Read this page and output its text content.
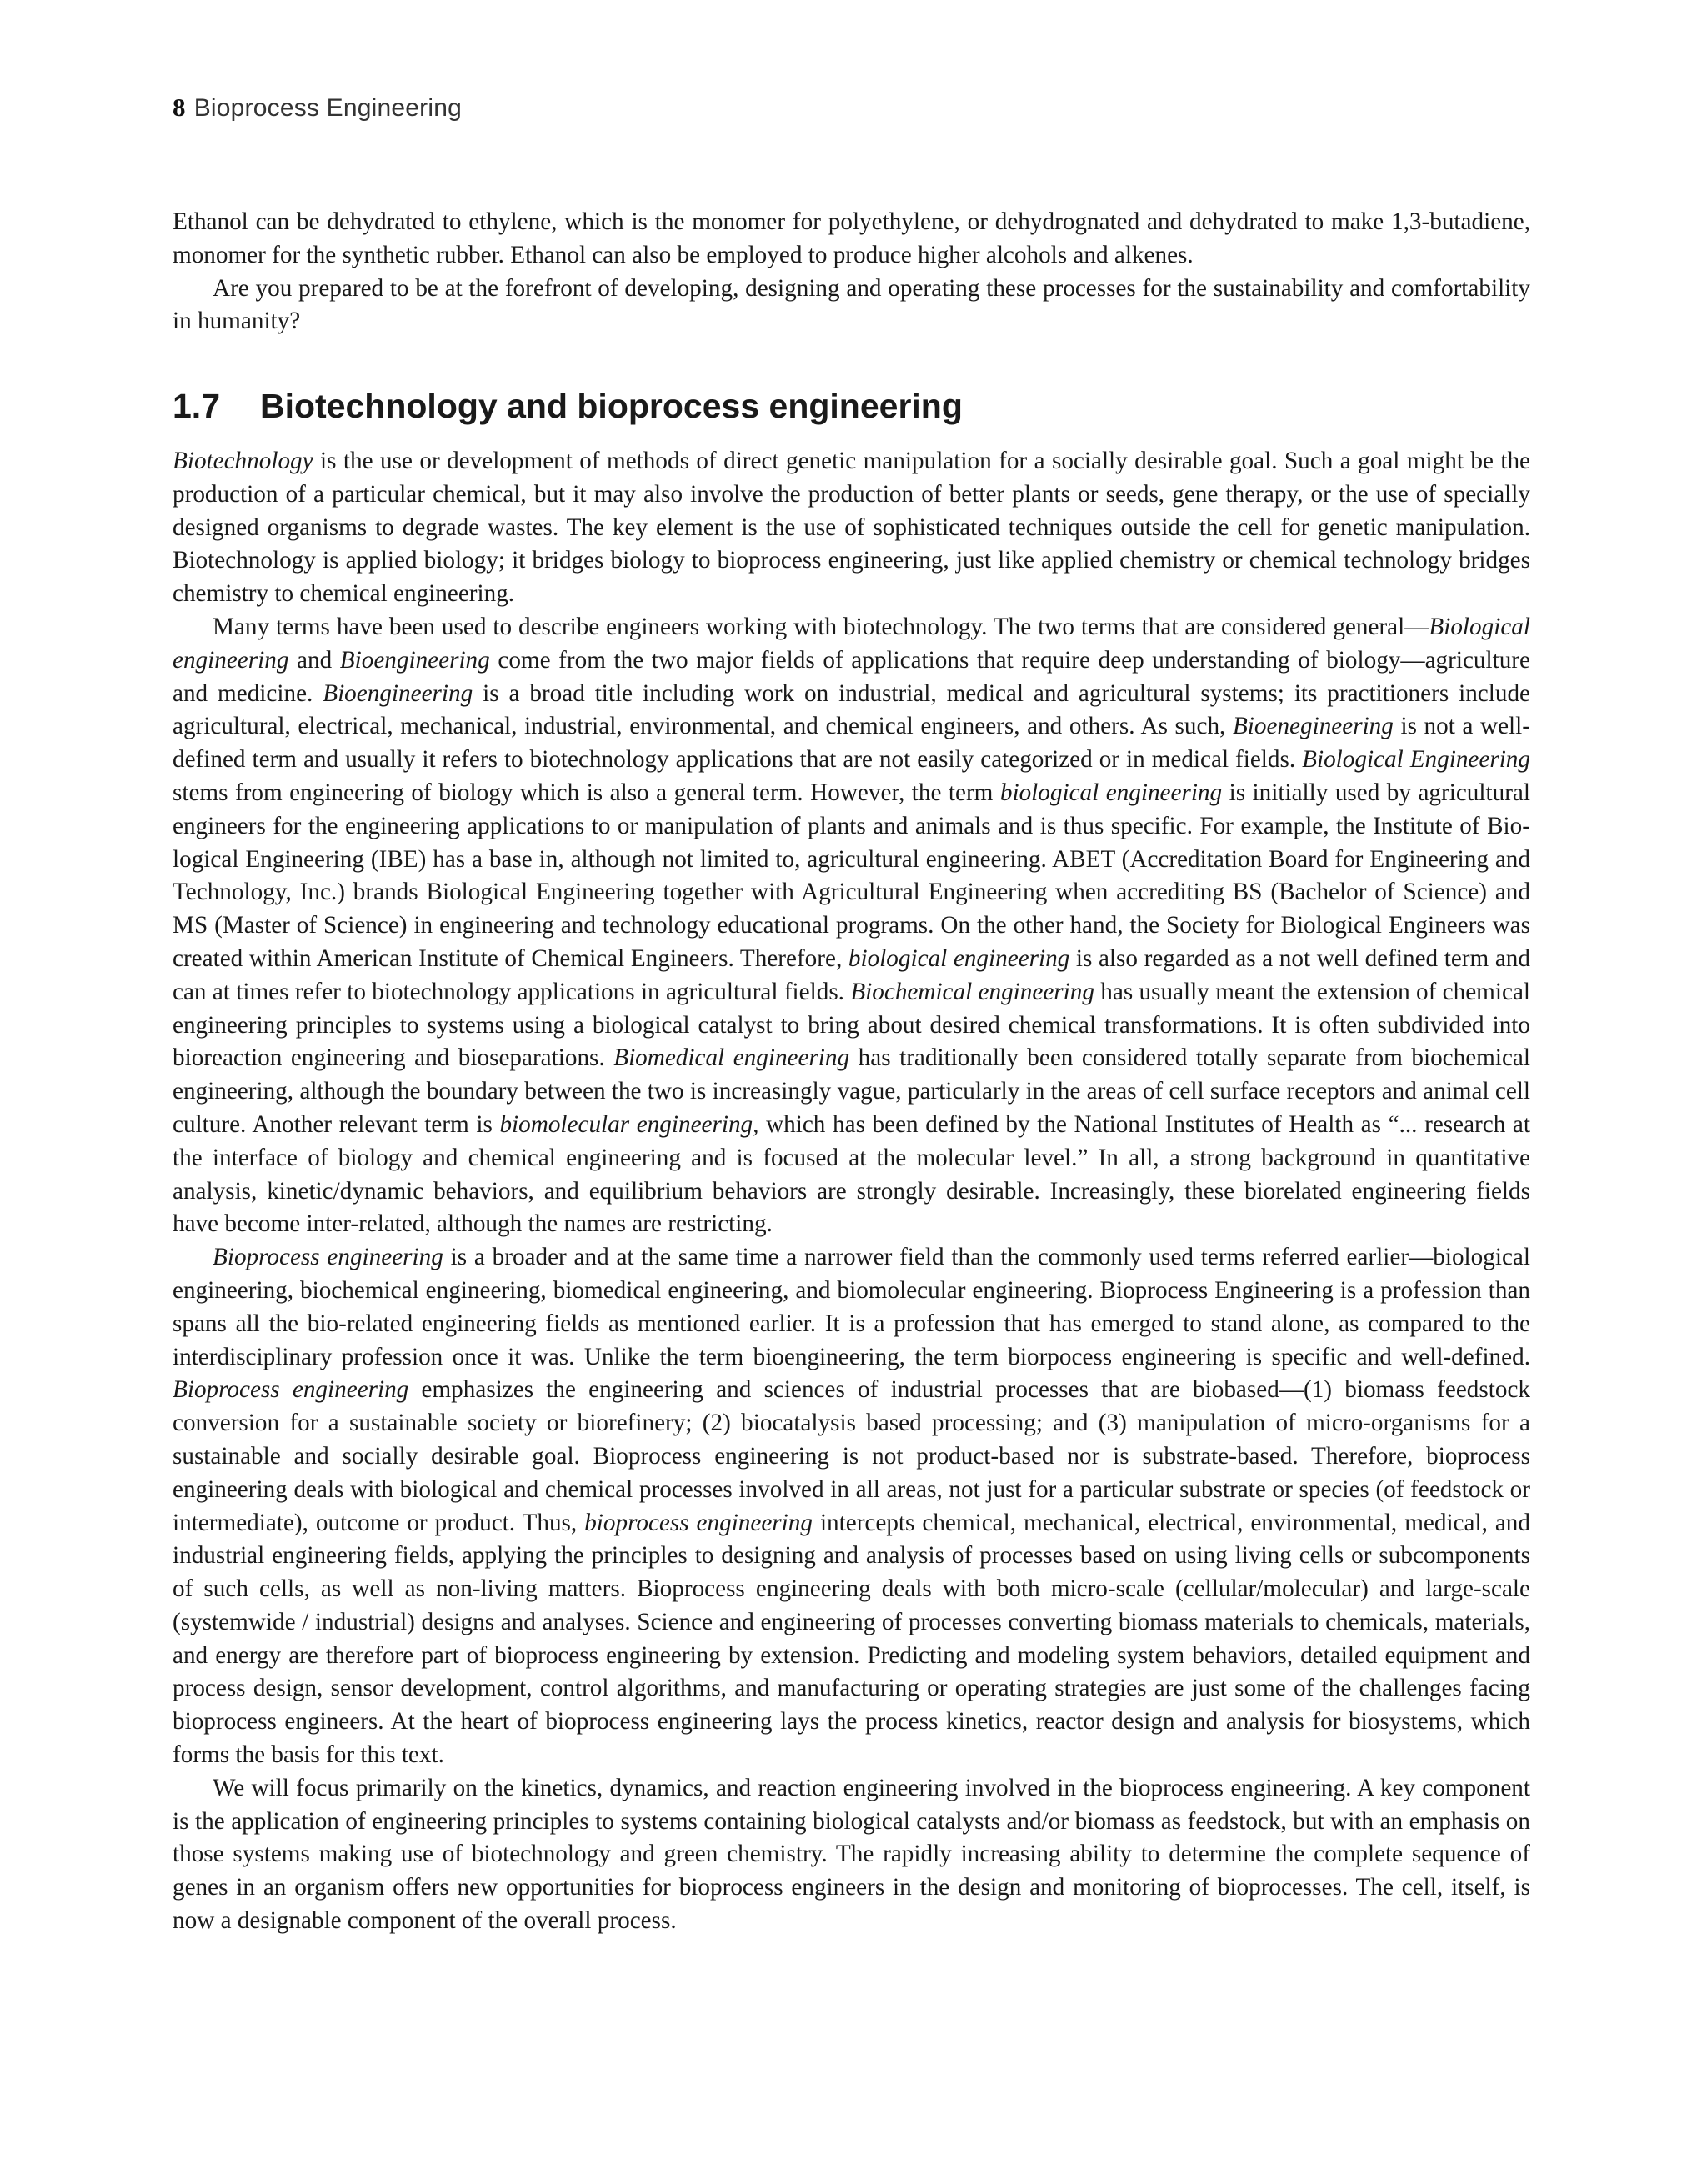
8 Bioprocess Engineering

Ethanol can be dehydrated to ethylene, which is the monomer for polyethylene, or dehydrognated and dehydrated to make 1,3-butadiene, monomer for the synthetic rubber. Ethanol can also be employed to produce higher alcohols and alkenes.

Are you prepared to be at the forefront of developing, designing and operating these processes for the sustainability and comfortability in humanity?

1.7 Biotechnology and bioprocess engineering

Biotechnology is the use or development of methods of direct genetic manipulation for a socially desirable goal. Such a goal might be the production of a particular chemical, but it may also involve the production of better plants or seeds, gene therapy, or the use of specially designed organisms to degrade wastes. The key element is the use of sophisticated techniques outside the cell for genetic manipulation. Biotechnology is applied biology; it bridges biology to bioprocess engineering, just like applied chemistry or chemical technology bridges chemistry to chemical engineering.

Many terms have been used to describe engineers working with biotechnology. The two terms that are considered general—Biological engineering and Bioengineering come from the two major fields of applications that require deep understanding of biology—agriculture and medicine. Bioengineering is a broad title including work on industrial, medical and agricultural systems; its practitioners include agricultural, electrical, mechanical, industrial, environmental, and chemical engineers, and others. As such, Bioenegineering is not a well-defined term and usually it refers to biotechnology applications that are not easily categorized or in medical fields. Biological Engineering stems from engineering of biology which is also a general term. However, the term biological engineering is initially used by agricultural engineers for the engineering applications to or manipulation of plants and animals and is thus specific. For example, the Institute of Biological Engineering (IBE) has a base in, although not limited to, agricultural engineering. ABET (Accreditation Board for Engineering and Technology, Inc.) brands Biological Engineering together with Agricultural Engineering when accrediting BS (Bachelor of Science) and MS (Master of Science) in engineering and technology educational programs. On the other hand, the Society for Biological Engineers was created within American Institute of Chemical Engineers. Therefore, biological engineering is also regarded as a not well defined term and can at times refer to biotechnology applications in agricultural fields. Biochemical engineering has usually meant the extension of chemical engineering principles to systems using a biological catalyst to bring about desired chemical transformations. It is often subdivided into bioreaction engineering and bioseparations. Biomedical engineering has traditionally been considered totally separate from biochemical engineering, although the boundary between the two is increasingly vague, particularly in the areas of cell surface receptors and animal cell culture. Another relevant term is biomolecular engineering, which has been defined by the National Institutes of Health as “... research at the interface of biology and chemical engineering and is focused at the molecular level.” In all, a strong background in quantitative analysis, kinetic/dynamic behaviors, and equilibrium behaviors are strongly desirable. Increasingly, these biorelated engineering fields have become inter-related, although the names are restricting.

Bioprocess engineering is a broader and at the same time a narrower field than the commonly used terms referred earlier—biological engineering, biochemical engineering, biomedical engineering, and biomolecular engineering. Bioprocess Engineering is a profession than spans all the bio-related engineering fields as mentioned earlier. It is a profession that has emerged to stand alone, as compared to the interdisciplinary profession once it was. Unlike the term bioengineering, the term biorpocess engineering is specific and well-defined. Bioprocess engineering emphasizes the engineering and sciences of industrial processes that are biobased—(1) biomass feedstock conversion for a sustainable society or biorefinery; (2) biocatalysis based processing; and (3) manipulation of micro-organisms for a sustainable and socially desirable goal. Bioprocess engineering is not product-based nor is substrate-based. Therefore, bioprocess engineering deals with biological and chemical processes involved in all areas, not just for a particular substrate or species (of feedstock or intermediate), outcome or product. Thus, bioprocess engineering intercepts chemical, mechanical, electrical, environmental, medical, and industrial engineering fields, applying the principles to designing and analysis of processes based on using living cells or subcomponents of such cells, as well as non-living matters. Bioprocess engineering deals with both micro-scale (cellular/​molecular) and large-scale (systemwide / industrial) designs and analyses. Science and engineering of processes converting biomass materials to chemicals, materials, and energy are therefore part of bioprocess engineering by extension. Predicting and modeling system behaviors, detailed equipment and process design, sensor development, control algorithms, and manufacturing or operating strategies are just some of the challenges facing bioprocess engineers. At the heart of bioprocess engineering lays the process kinetics, reactor design and analysis for biosystems, which forms the basis for this text.

We will focus primarily on the kinetics, dynamics, and reaction engineering involved in the bioprocess engineering. A key component is the application of engineering principles to systems containing biological catalysts and/or biomass as feedstock, but with an emphasis on those systems making use of biotechnology and green chemistry. The rapidly increasing ability to determine the complete sequence of genes in an organism offers new opportunities for bioprocess engineers in the design and monitoring of bioprocesses. The cell, itself, is now a designable component of the overall process.
